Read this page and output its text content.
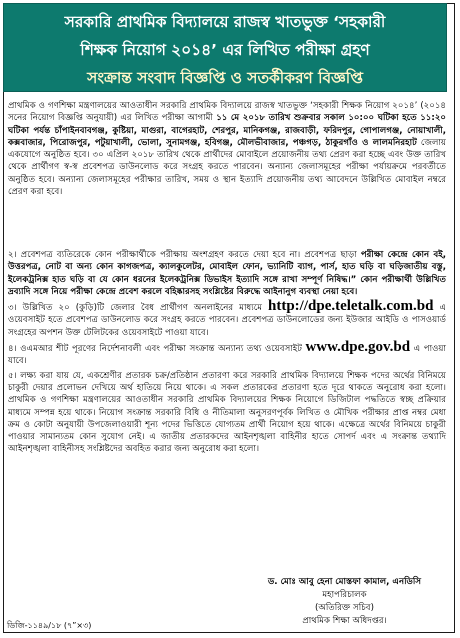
সরকারি প্রাথমিক বিদ্যালয়ে রাজস্ব খাতভুক্ত ‘সহকারী
শিক্ষক নিয়োগ ২০১৪’ এর লিখিত পরীক্ষা গ্রহণ
সংক্রান্ত সংবাদ বিজ্ঞপ্তি ও সতর্কীকরণ বিজ্ঞপ্তি

প্রাথমিক ও গণশিক্ষা মন্ত্রণালয়ের আওতাধীন সরকারি প্রাথমিক বিদ্যালয়ে রাজস্ব খাতভুক্ত ‘সহকারী শিক্ষক নিয়োগ ২০১৪’ (২০১৪ সনের নিয়োগ বিজ্ঞপ্তি অনুযায়ী) এর লিখিত পরীক্ষা আগামী ১১ মে ২০১৮ তারিখ শুক্রবার সকাল ১০:০০ ঘটিকা হতে ১১:২০ ঘটিকা পর্যন্ত চাঁপাইনবাবগঞ্জ, কুষ্টিয়া, মাগুরা, বাগেরহাট, শেরপুর, মানিকগঞ্জ, রাজবাড়ী, ফরিদপুর, গোপালগঞ্জ, নোয়াখালী, কক্সবাজার, পিরোজপুর, পটুয়াখালী, ভোলা, সুনামগঞ্জ, হবিগঞ্জ, মৌলভীবাজার, পঞ্চগড়, ঠাকুরগাঁও ও লালমনিরহাট জেলায় একযোগে অনুষ্ঠিত হবে। ৩০ এপ্রিল ২০১৮ তারিখ থেকে প্রার্থীদের মোবাইলে প্রয়োজনীয় তথ্য প্রেরণ করা হচ্ছে এবং উক্ত তারিখ থেকে প্রার্থীগণ স্ব-স্ব প্রবেশপত্র ডাউনলোড করে সংগ্রহ করতে পারবেন। অন্যান্য জেলাসমূহের পরীক্ষা পর্যায়ক্রমে পরবর্তীতে অনুষ্ঠিত হবে। অন্যান্য জেলাসমূহের পরীক্ষার তারিখ, সময় ও স্থান ইত্যাদি প্রয়োজনীয় তথ্য আবেদনে উল্লিখিত মোবাইল নম্বরে প্রেরণ করা হবে।

২। প্রবেশপত্র ব্যতিরেকে কোন পরীক্ষার্থীকে পরীক্ষায় অংশগ্রহণ করতে দেয়া হবে না। প্রবেশপত্র ছাড়া পরীক্ষা কেন্দ্রে কোন বই, উত্তরপত্র, নোট বা অন্য কোন কাগজপত্র, ক্যালকুলেটর, মোবাইল ফোন, ভ্যানিটি ব্যাগ, পার্স, হাত ঘড়ি বা ঘড়িজাতীয় বস্তু, ইলেকট্রনিক্স হাত ঘড়ি বা যে কোন ধরনের ইলেকট্রনিক্স ডিভাইস ইত্যাদি সঙ্গে রাখা সম্পূর্ণ নিষিদ্ধ।” কোন পরীক্ষার্থী উল্লিখিত দ্রব্যাদি সঙ্গে নিয়ে পরীক্ষা কেন্দ্রে প্রবেশ করলে বহিষ্কারসহ সংশ্লিষ্টের বিরুদ্ধে আইনানুগ ব্যবস্থা নেয়া হবে।

৩। উল্লিখিত ২০ (কুড়ি)টি জেলার বৈধ প্রার্থীগণ অনলাইনের মাধ্যমে http://dpe.teletalk.com.bd এ ওয়েবসাইট হতে প্রবেশপত্র ডাউনলোড করে সংগ্রহ করতে পারবেন। প্রবেশপত্র ডাউনলোডের জন্য ইউজার আইডি ও পাসওয়ার্ড সংগ্রহের অপশন উক্ত টেলিটকের ওয়েবসাইটে পাওয়া যাবে।

৪। ওএমআর শীট পূরণের নির্দেশনাবলী এবং পরীক্ষা সংক্রান্ত অন্যান্য তথ্য ওয়েবসাইট www.dpe.gov.bd এ পাওয়া যাবে।

৫। লক্ষ্য করা যায় যে, একশ্রেণীর প্রতারক চক্র/প্রতিষ্ঠান প্রতারণা করে সরকারি প্রাথমিক বিদ্যালয়ে শিক্ষক পদের অর্থের বিনিময়ে চাকুরী দেয়ার প্রলোভন দেখিয়ে অর্থ হাতিয়ে নিয়ে থাকে। এ সকল প্রতারকের প্রতারণা হতে দূরে থাকতে অনুরোধ করা হলো। প্রাথমিক ও গণশিক্ষা মন্ত্রণালয়ের আওতাধীন সরকারি প্রাথমিক বিদ্যালয়ের শিক্ষক নিয়োগে ডিজিটাল পদ্ধতিতে স্বচ্ছ প্রক্রিয়ার মাধ্যমে সম্পন্ন হয়ে থাকে। নিয়োগ সংক্রান্ত সরকারি বিধি ও নীতিমালা অনুসরণপূর্বক লিখিত ও মৌখিক পরীক্ষার প্রাপ্ত নম্বর মেধা ক্রম ও কোটা অনুযায়ী উপজেলাওয়ারী শূন্য পদের ভিত্তিতে যোগ্যতম প্রার্থী নিয়োগ হয়ে থাকে। এক্ষেত্রে অর্থের বিনিময়ে চাকুরী পাওয়ার সামান্যতম কোন সুযোগ নেই। এ জাতীয় প্রতারকদের আইনশৃঙ্খলা বাহিনীর হাতে সোপর্দ এবং এ সংক্রান্ত তথ্যাদি আইনশৃঙ্খলা বাহিনীসহ সংশ্লিষ্টদের অবহিত করার জন্য অনুরোধ করা হলো।

ড. মোঃ আবু হেনা মোস্তফা কামাল, এনডিসি
মহাপরিচালক
(অতিরিক্ত সচিব)
প্রাথমিক শিক্ষা অধিদপ্তর।
ডিজি-১১৪৯/১৮ (৭”×৩)
